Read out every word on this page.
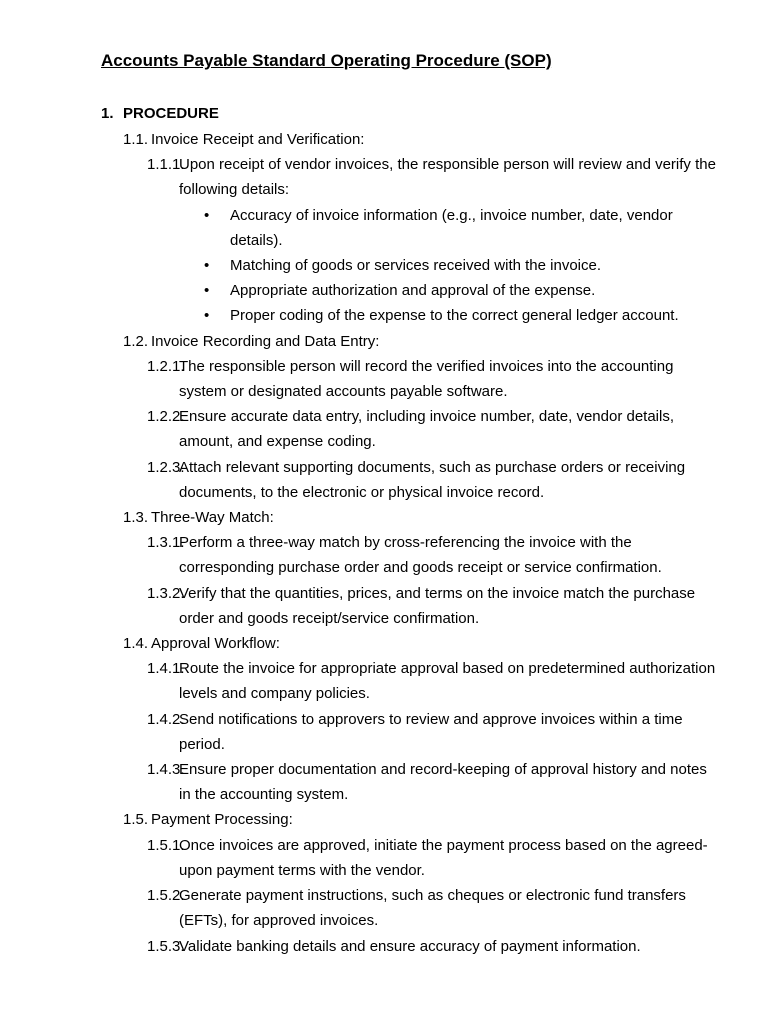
Accounts Payable Standard Operating Procedure (SOP)
1. PROCEDURE
1.1. Invoice Receipt and Verification:
1.1.1.
Upon receipt of vendor invoices, the responsible person will review and verify the following details:
• Accuracy of invoice information (e.g., invoice number, date, vendor details).
• Matching of goods or services received with the invoice.
• Appropriate authorization and approval of the expense.
• Proper coding of the expense to the correct general ledger account.
1.2. Invoice Recording and Data Entry:
1.2.1.
The responsible person will record the verified invoices into the accounting system or designated accounts payable software.
1.2.2.
Ensure accurate data entry, including invoice number, date, vendor details, amount, and expense coding.
1.2.3.
Attach relevant supporting documents, such as purchase orders or receiving documents, to the electronic or physical invoice record.
1.3. Three-Way Match:
1.3.1.
Perform a three-way match by cross-referencing the invoice with the corresponding purchase order and goods receipt or service confirmation.
1.3.2.
Verify that the quantities, prices, and terms on the invoice match the purchase order and goods receipt/service confirmation.
1.4. Approval Workflow:
1.4.1.
Route the invoice for appropriate approval based on predetermined authorization levels and company policies.
1.4.2.
Send notifications to approvers to review and approve invoices within a time period.
1.4.3.
Ensure proper documentation and record-keeping of approval history and notes in the accounting system.
1.5. Payment Processing:
1.5.1.
Once invoices are approved, initiate the payment process based on the agreed-upon payment terms with the vendor.
1.5.2.
Generate payment instructions, such as cheques or electronic fund transfers (EFTs), for approved invoices.
1.5.3.
Validate banking details and ensure accuracy of payment information.
